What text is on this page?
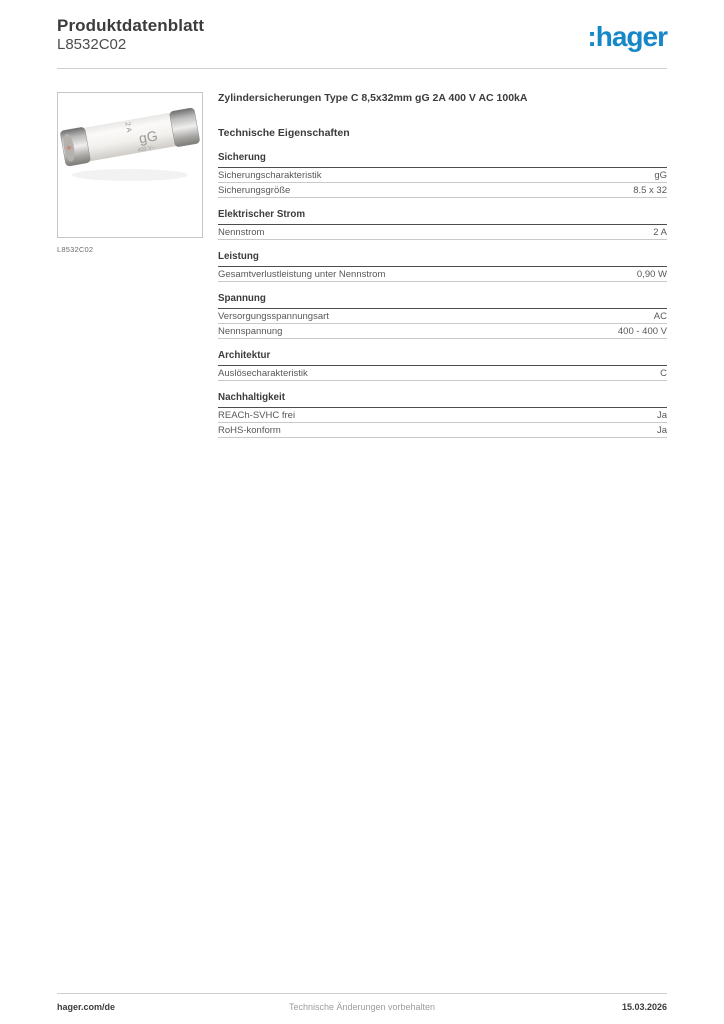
Produktdatenblatt
L8532C02	:hager
2 A
gG
400 V~
L8532C02
Zylindersicherungen Type C 8,5x32mm gG 2A 400 V AC 100kA
Technische Eigenschaften
Sicherung
Sicherungscharakteristik	gG
Sicherungsgröße	8.5 x 32
Elektrischer Strom
Nennstrom	2 A
Leistung
Gesamtverlustleistung unter Nennstrom	0,90 W
Spannung
Versorgungsspannungsart	AC
Nennspannung	400 - 400 V
Architektur
Auslösecharakteristik	C
Nachhaltigkeit
REACh-SVHC frei	Ja
RoHS-konform	Ja
hager.com/de	Technische Änderungen vorbehalten	15.03.2026
